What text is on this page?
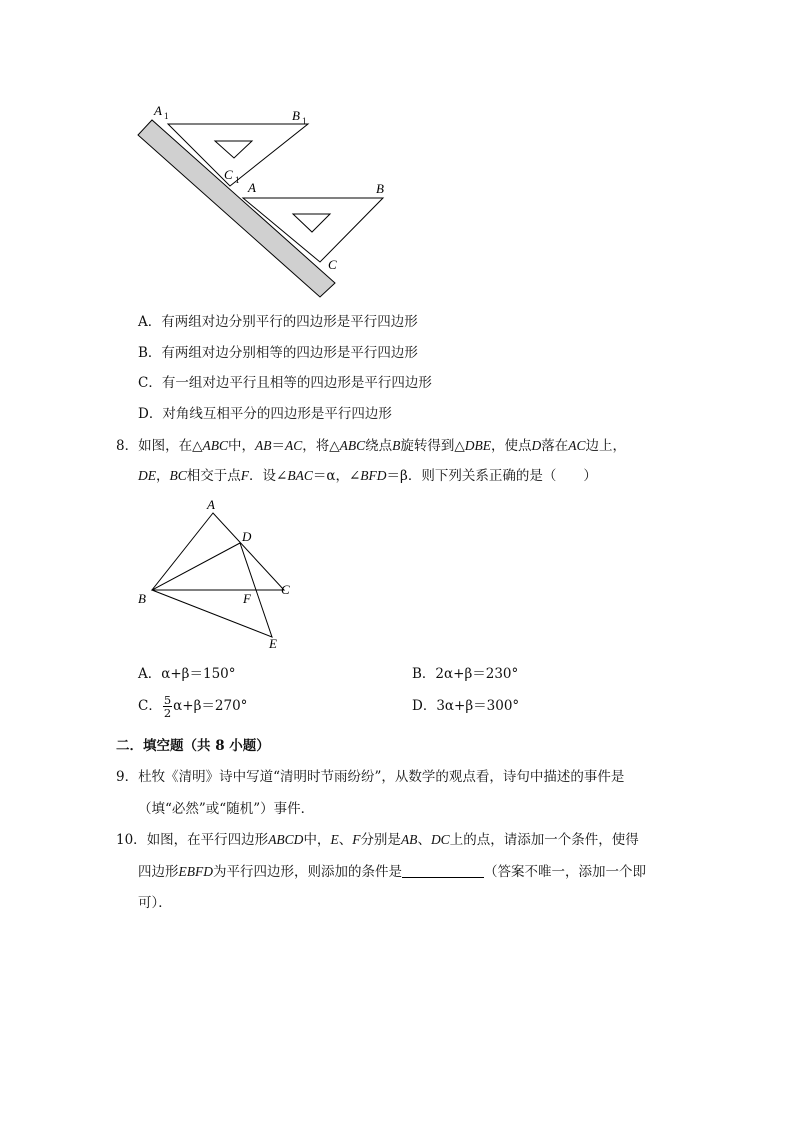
A 1	B 1
C 1 A	B
C
A．有两组对边分别平行的四边形是平行四边形
B．有两组对边分别相等的四边形是平行四边形
C．有一组对边平行且相等的四边形是平行四边形
D．对角线互相平分的四边形是平行四边形
8．如图，在△ABC中，AB＝AC，将△ABC绕点B旋转得到△DBE，使点D落在AC边上，
DE，BC相交于点F．设∠BAC＝α，∠BFD＝β．则下列关系正确的是（　　）
A
D
B	F
C
E
A．α+β＝150°	B．2α+β＝230°
C． $\frac{5}{2} \alpha+\beta=270^\circ$	D．3α+β＝300°
二．填空题（共 8 小题）
9．杜牧《清明》诗中写道“清明时节雨纷纷”，从数学的观点看，诗句中描述的事件是
（填“必然”或“随机”）事件．
10．如图，在平行四边形ABCD中，E、F分别是AB、DC上的点，请添加一个条件，使得
四边形EBFD为平行四边形，则添加的条件是	（答案不唯一，添加一个即
可）．
